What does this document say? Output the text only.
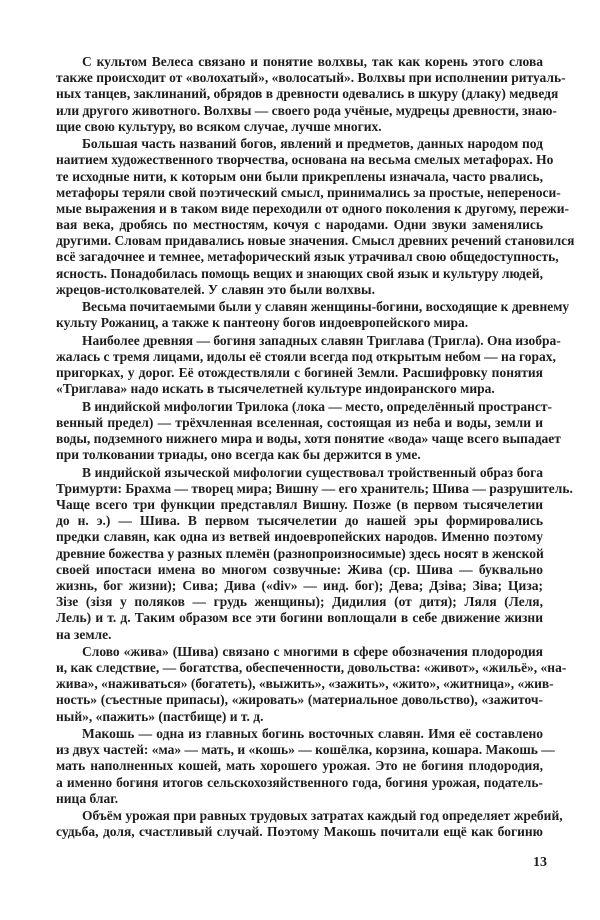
С культом Велеса связано и понятие волхвы, так как корень этого слова
также происходит от «волохатый», «волосатый». Волхвы при исполнении ритуаль-
ных танцев, заклинаний, обрядов в древности одевались в шкуру (длаку) медведя
или другого животного. Волхвы — своего рода учёные, мудрецы древности, знаю-
щие свою культуру, во всяком случае, лучше многих.
Большая часть названий богов, явлений и предметов, данных народом под
наитием художественного творчества, основана на весьма смелых метафорах. Но
те исходные нити, к которым они были прикреплены изначала, часто рвались,
метафоры теряли свой поэтический смысл, принимались за простые, непереноси-
мые выражения и в таком виде переходили от одного поколения к другому, пережи-
вая века, дробясь по местностям, кочуя с народами. Одни звуки заменялись
другими. Словам придавались новые значения. Смысл древних речений становился
всё загадочнее и темнее, метафорический язык утрачивал свою общедоступность,
ясность. Понадобилась помощь вещих и знающих свой язык и культуру людей,
жрецов-истолкователей. У славян это были волхвы.
Весьма почитаемыми были у славян женщины-богини, восходящие к древнему
культу Рожаниц, а также к пантеону богов индоевропейского мира.
Наиболее древняя — богиня западных славян Триглава (Тригла). Она изобра-
жалась с тремя лицами, идолы её стояли всегда под открытым небом — на горах,
пригорках, у дорог. Её отождествляли с богиней Земли. Расшифровку понятия
«Триглава» надо искать в тысячелетней культуре индоиранского мира.
В индийской мифологии Трилока (лока — место, определённый пространст-
венный предел) — трёхчленная вселенная, состоящая из неба и воды, земли и
воды, подземного нижнего мира и воды, хотя понятие «вода» чаще всего выпадает
при толковании триады, оно всегда как бы держится в уме.
В индийской языческой мифологии существовал тройственный образ бога
Тримурти: Брахма — творец мира; Вишну — его хранитель; Шива — разрушитель.
Чаще всего три функции представлял Вишну. Позже (в первом тысячелетии
до н. э.) — Шива. В первом тысячелетии до нашей эры формировались
предки славян, как одна из ветвей индоевропейских народов. Именно поэтому
древние божества у разных племён (разнопроизносимые) здесь носят в женской
своей ипостаси имена во многом созвучные: Жива (ср. Шива — буквально
жизнь, бог жизни); Сива; Дива («div» — инд. бог); Дева; Дзіва; Зіва; Циза;
Зізе (зізя у поляков — грудь женщины); Дидилия (от дитя); Ляля (Леля,
Лель) и т. д. Таким образом все эти богини воплощали в себе движение жизни
на земле.
Слово «жива» (Шива) связано с многими в сфере обозначения плодородия
и, как следствие, — богатства, обеспеченности, довольства: «живот», «жильё», «на-
жива», «наживаться» (богатеть), «выжить», «зажить», «жито», «житница», «жив-
ность» (съестные припасы), «жировать» (материальное довольство), «зажиточ-
ный», «пажить» (пастбище) и т. д.
Макошь — одна из главных богинь восточных славян. Имя её составлено
из двух частей: «ма» — мать, и «кошь» — кошёлка, корзина, кошара. Макошь —
мать наполненных кошей, мать хорошего урожая. Это не богиня плодородия,
а именно богиня итогов сельскохозяйственного года, богиня урожая, податель-
ница благ.
Объём урожая при равных трудовых затратах каждый год определяет жребий,
судьба, доля, счастливый случай. Поэтому Макошь почитали ещё как богиню
13
